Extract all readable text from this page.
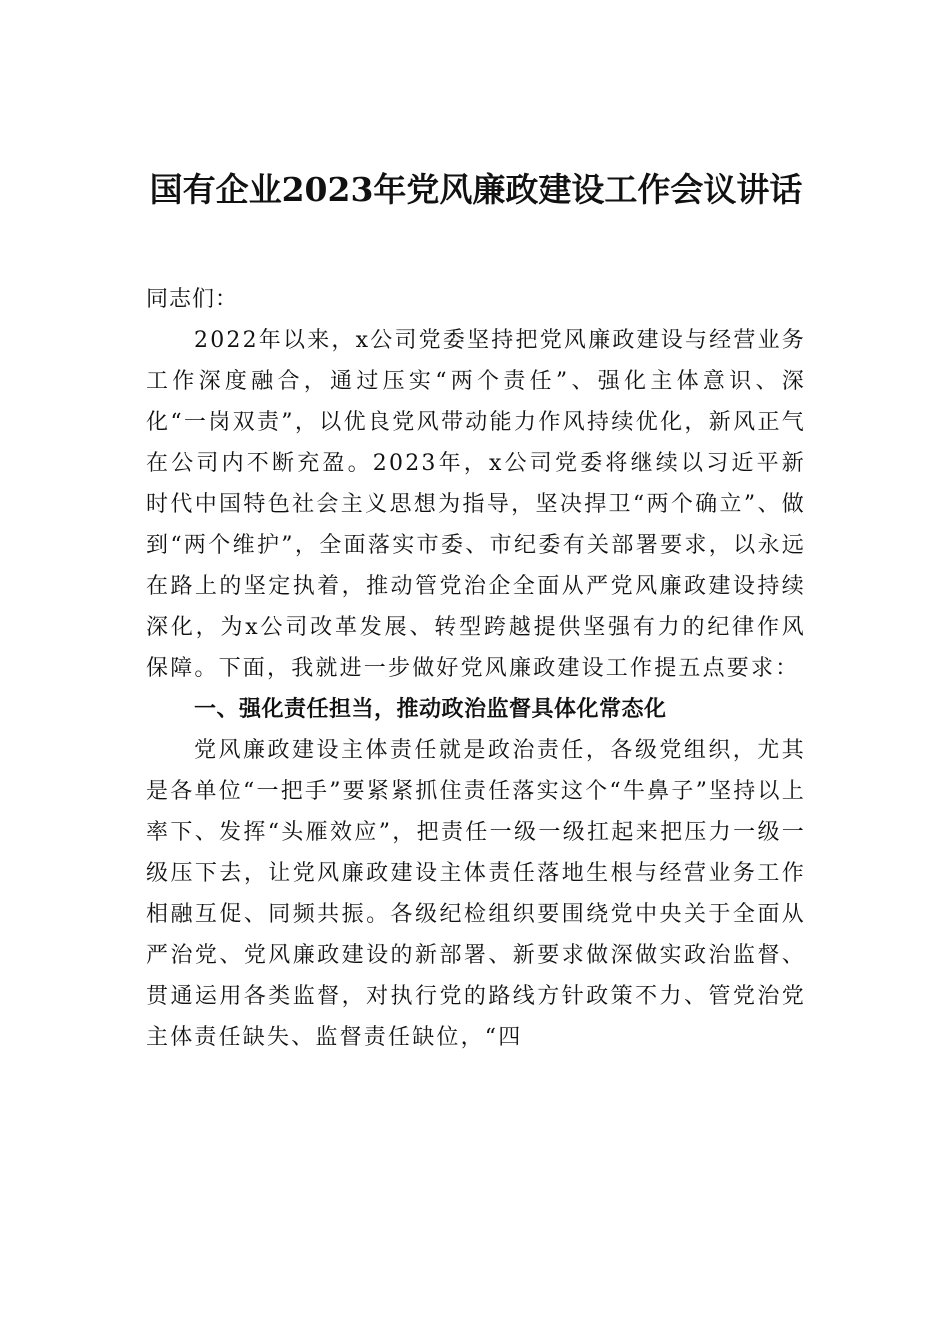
国有企业2023年党风廉政建设工作会议讲话

同志们：

2022年以来，x公司党委坚持把党风廉政建设与经营业务工作深度融合，通过压实“两个责任”、强化主体意识、深化“一岗双责”，以优良党风带动能力作风持续优化，新风正气在公司内不断充盈。2023年，x公司党委将继续以习近平新时代中国特色社会主义思想为指导，坚决捍卫“两个确立”、做到“两个维护”，全面落实市委、市纪委有关部署要求，以永远在路上的坚定执着，推动管党治企全面从严党风廉政建设持续深化，为x公司改革发展、转型跨越提供坚强有力的纪律作风保障。下面，我就进一步做好党风廉政建设工作提五点要求：

一、强化责任担当，推动政治监督具体化常态化

党风廉政建设主体责任就是政治责任，各级党组织，尤其是各单位“一把手”要紧紧抓住责任落实这个“牛鼻子”坚持以上率下、发挥“头雁效应”，把责任一级一级扛起来把压力一级一级压下去，让党风廉政建设主体责任落地生根与经营业务工作相融互促、同频共振。各级纪检组织要围绕党中央关于全面从严治党、党风廉政建设的新部署、新要求做深做实政治监督、贯通运用各类监督，对执行党的路线方针政策不力、管党治党主体责任缺失、监督责任缺位，“四
